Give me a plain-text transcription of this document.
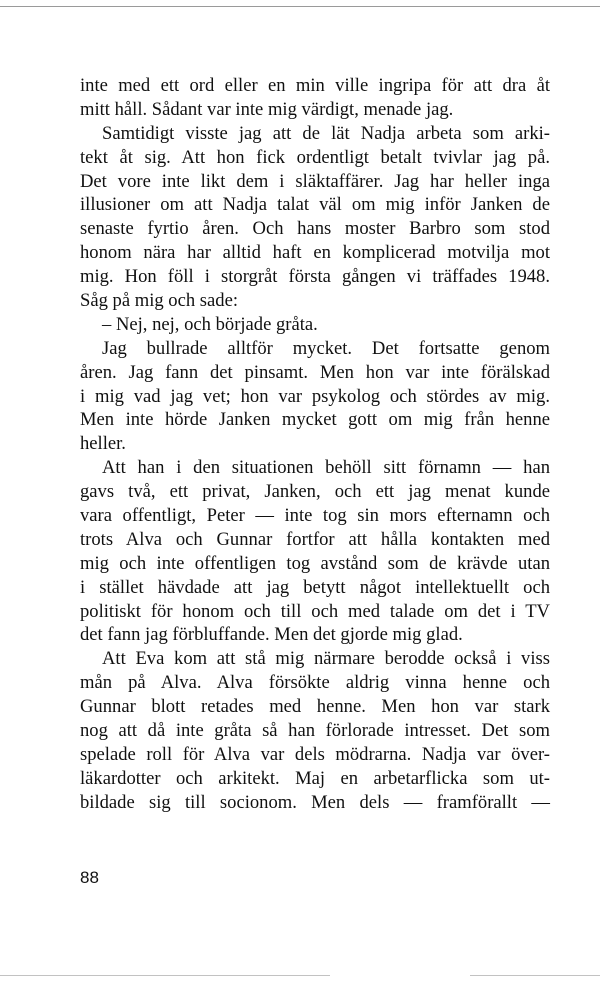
inte med ett ord eller en min ville ingripa för att dra åt
mitt håll. Sådant var inte mig värdigt, menade jag.
Samtidigt visste jag att de lät Nadja arbeta som arki-
tekt åt sig. Att hon fick ordentligt betalt tvivlar jag på.
Det vore inte likt dem i släktaffärer. Jag har heller inga
illusioner om att Nadja talat väl om mig inför Janken de
senaste fyrtio åren. Och hans moster Barbro som stod
honom nära har alltid haft en komplicerad motvilja mot
mig. Hon föll i storgråt första gången vi träffades 1948.
Såg på mig och sade:
– Nej, nej, och började gråta.
Jag bullrade alltför mycket. Det fortsatte genom
åren. Jag fann det pinsamt. Men hon var inte förälskad
i mig vad jag vet; hon var psykolog och stördes av mig.
Men inte hörde Janken mycket gott om mig från henne
heller.
Att han i den situationen behöll sitt förnamn — han
gavs två, ett privat, Janken, och ett jag menat kunde
vara offentligt, Peter — inte tog sin mors efternamn och
trots Alva och Gunnar fortfor att hålla kontakten med
mig och inte offentligen tog avstånd som de krävde utan
i stället hävdade att jag betytt något intellektuellt och
politiskt för honom och till och med talade om det i TV
det fann jag förbluffande. Men det gjorde mig glad.
Att Eva kom att stå mig närmare berodde också i viss
mån på Alva. Alva försökte aldrig vinna henne och
Gunnar blott retades med henne. Men hon var stark
nog att då inte gråta så han förlorade intresset. Det som
spelade roll för Alva var dels mödrarna. Nadja var över-
läkardotter och arkitekt. Maj en arbetarflicka som ut-
bildade sig till socionom. Men dels — framförallt —
88
